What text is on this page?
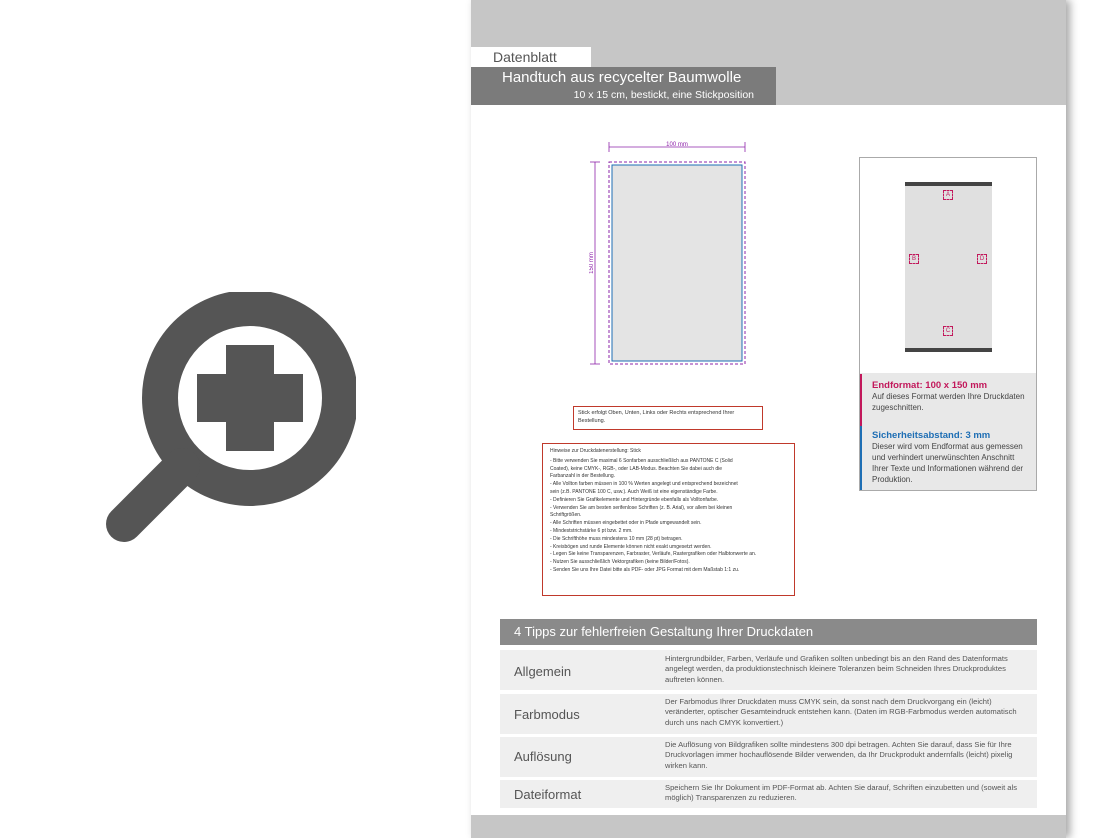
Datenblatt
Handtuch aus recycelter Baumwolle
10 x 15 cm, bestickt, eine Stickposition
100 mm
150 mm
Stick erfolgt Oben, Unten, Links oder Rechts entsprechend Ihrer Bestellung.
Hinweise zur Druckdatenerstellung: Stick
- Bitte verwenden Sie maximal 6 Sonfarben ausschließlich aus PANTONE C (Solid
Coated), keine CMYK-, RGB-, oder LAB-Modus. Beachten Sie dabei auch die
Farbanzahl in der Bestellung.
- Alle Vollton farben müssen in 100 % Werten angelegt und entsprechend bezeichnet
sein (z.B. PANTONE 100 C, usw.). Auch Weiß ist eine eigenständige Farbe.
- Definieren Sie Grafikelemente und Hintergründe ebenfalls als Volltonfarbe.
- Verwenden Sie am besten serifenlose Schriften (z. B. Arial), vor allem bei kleinen
Schriftgrößen.
- Alle Schriften müssen eingebettet oder in Pfade umgewandelt sein.
- Mindeststrichstärke 6 pt bzw. 2 mm.
- Die Schrifthöhe muss mindestens 10 mm (28 pt) betragen.
- Kreisbögen und runde Elemente können nicht exakt umgesetzt werden.
- Legen Sie keine Transparenzen, Farbraster, Verläufe, Rastergrafiken oder Halbtonwerte an.
- Nutzen Sie ausschließlich Vektorgrafiken (keine Bilder/Fotos).
- Senden Sie uns Ihre Datei bitte als PDF- oder JPG Format mit dem Maßstab 1:1 zu.
A
B	D
C
Endformat: 100 x 150 mm
Auf dieses Format werden Ihre Druckdaten zugeschnitten.
Sicherheitsabstand: 3 mm
Dieser wird vom Endformat aus gemessen und verhindert unerwünschten Anschnitt Ihrer Texte und Informationen während der Produktion.
4 Tipps zur fehlerfreien Gestaltung Ihrer Druckdaten
Allgemein
Hintergrundbilder, Farben, Verläufe und Grafiken sollten unbedingt bis an den Rand des Datenformats angelegt werden, da produktionstechnisch kleinere Toleranzen beim Schneiden Ihres Druckproduktes auftreten können.
Farbmodus
Der Farbmodus Ihrer Druckdaten muss CMYK sein, da sonst nach dem Druckvorgang ein (leicht) veränderter, optischer Gesamteindruck entstehen kann. (Daten im RGB-Farbmodus werden automatisch durch uns nach CMYK konvertiert.)
Auflösung
Die Auflösung von Bildgrafiken sollte mindestens 300 dpi betragen. Achten Sie darauf, dass Sie für Ihre Druckvorlagen immer hochauflösende Bilder verwenden, da Ihr Druckprodukt andernfalls (leicht) pixelig wirken kann.
Dateiformat	Speichern Sie Ihr Dokument im PDF-Format ab. Achten Sie darauf, Schriften einzubetten und (soweit als möglich) Transparenzen zu reduzieren.
